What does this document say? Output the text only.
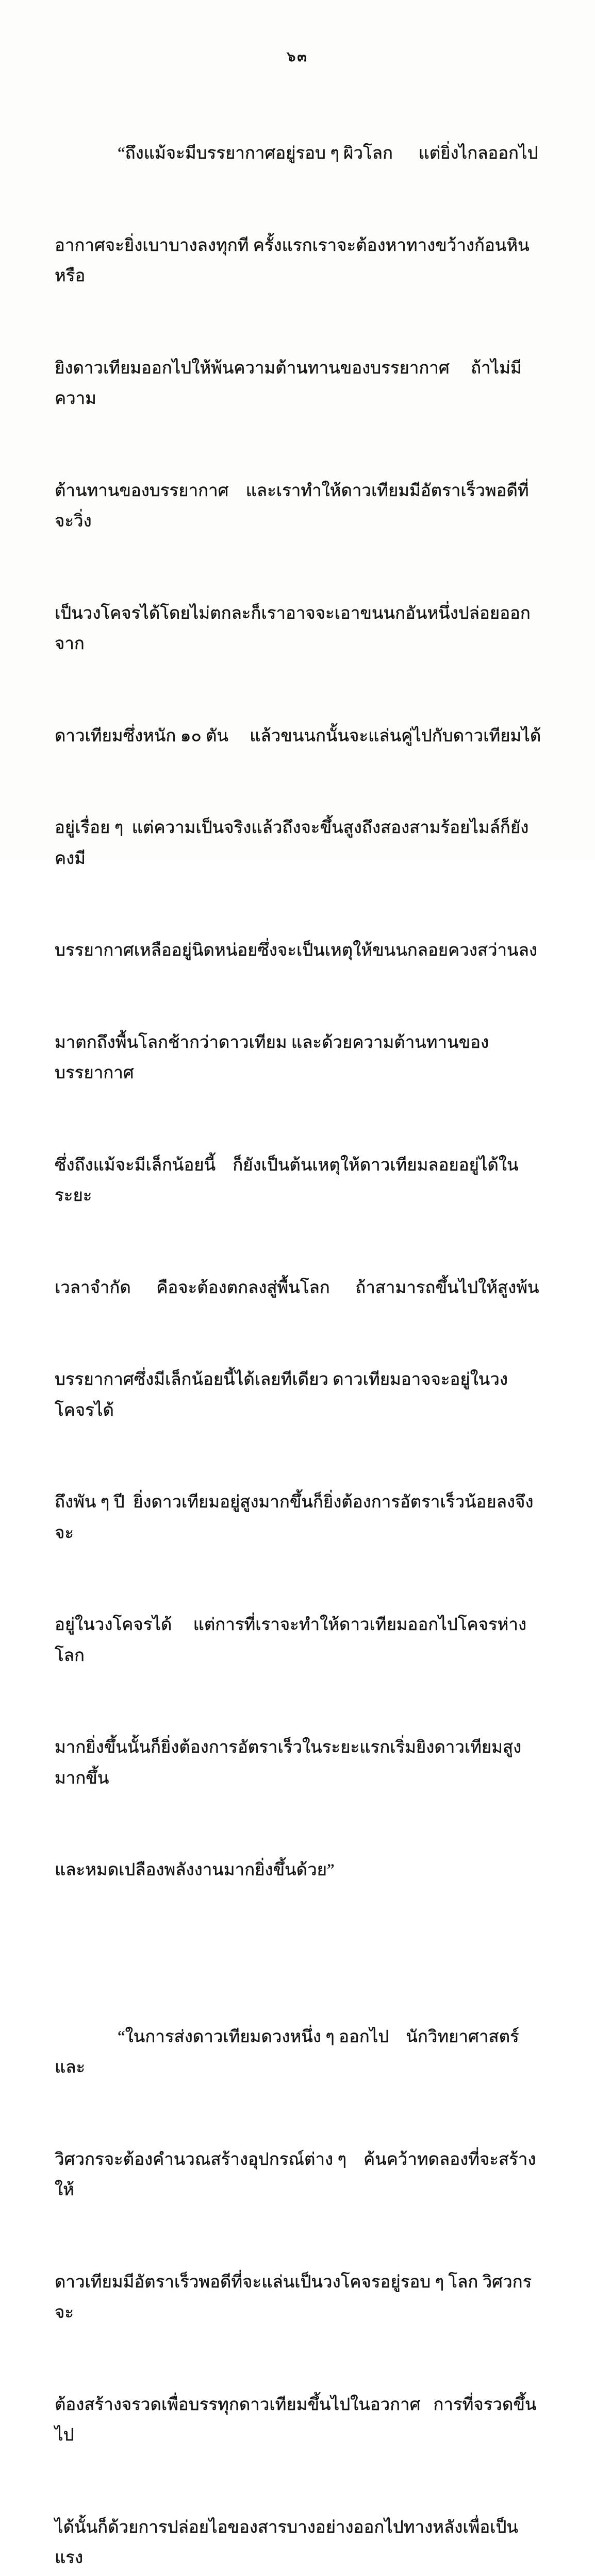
๖๓

“ถึงแม้จะมีบรรยากาศอยู่รอบ ๆ ผิวโลก      แต่ยิ่งไกลออกไป

อากาศจะยิ่งเบาบางลงทุกที ครั้งแรกเราจะต้องหาทางขว้างก้อนหิน หรือ

ยิงดาวเทียมออกไปให้พ้นความต้านทานของบรรยากาศ     ถ้าไม่มีความ

ต้านทานของบรรยากาศ    และเราทำให้ดาวเทียมมีอัตราเร็วพอดีที่จะวิ่ง

เป็นวงโคจรได้โดยไม่ตกละก็เราอาจจะเอาขนนกอันหนึ่งปล่อยออกจาก

ดาวเทียมซึ่งหนัก ๑๐ ตัน     แล้วขนนกนั้นจะแล่นคู่ไปกับดาวเทียมได้

อยู่เรื่อย ๆ  แต่ความเป็นจริงแล้วถึงจะขึ้นสูงถึงสองสามร้อยไมล์ก็ยังคงมี

บรรยากาศเหลืออยู่นิดหน่อยซึ่งจะเป็นเหตุให้ขนนกลอยควงสว่านลง

มาตกถึงพื้นโลกช้ากว่าดาวเทียม และด้วยความต้านทานของบรรยากาศ

ซึ่งถึงแม้จะมีเล็กน้อยนี้    ก็ยังเป็นต้นเหตุให้ดาวเทียมลอยอยู่ได้ในระยะ

เวลาจำกัด      คือจะต้องตกลงสู่พื้นโลก      ถ้าสามารถขึ้นไปให้สูงพ้น

บรรยากาศซึ่งมีเล็กน้อยนี้ได้เลยทีเดียว ดาวเทียมอาจจะอยู่ในวงโคจรได้

ถึงพัน ๆ ปี  ยิ่งดาวเทียมอยู่สูงมากขึ้นก็ยิ่งต้องการอัตราเร็วน้อยลงจึงจะ

อยู่ในวงโคจรได้     แต่การที่เราจะทำให้ดาวเทียมออกไปโคจรห่างโลก

มากยิ่งขึ้นนั้นก็ยิ่งต้องการอัตราเร็วในระยะแรกเริ่มยิงดาวเทียมสูงมากขึ้น

และหมดเปลืองพลังงานมากยิ่งขึ้นด้วย”

“ในการส่งดาวเทียมดวงหนึ่ง ๆ ออกไป    นักวิทยาศาสตร์และ

วิศวกรจะต้องคำนวณสร้างอุปกรณ์ต่าง ๆ    ค้นคว้าทดลองที่จะสร้างให้

ดาวเทียมมีอัตราเร็วพอดีที่จะแล่นเป็นวงโคจรอยู่รอบ ๆ โลก วิศวกรจะ

ต้องสร้างจรวดเพื่อบรรทุกดาวเทียมขึ้นไปในอวกาศ   การที่จรวดขึ้นไป

ได้นั้นก็ด้วยการปล่อยไอของสารบางอย่างออกไปทางหลังเพื่อเป็นแรง
